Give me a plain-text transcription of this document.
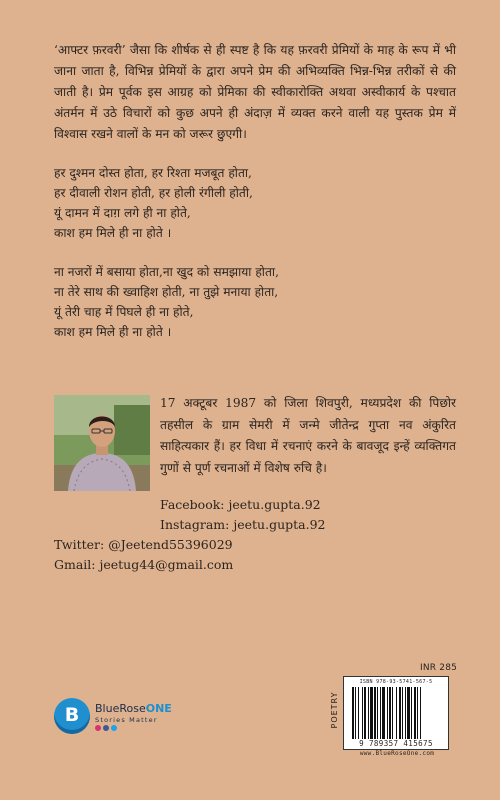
‘आफ्टर फ़रवरी’ जैसा कि शीर्षक से ही स्पष्ट है कि यह फ़रवरी प्रेमियों के माह के रूप में भी जाना जाता है, विभिन्न प्रेमियों के द्वारा अपने प्रेम की अभिव्यक्ति भिन्न-भिन्न तरीकों से की जाती है। प्रेम पूर्वक इस आग्रह को प्रेमिका की स्वीकारोक्ति अथवा अस्वीकार्य के पश्चात अंतर्मन में उठे विचारों को कुछ अपने ही अंदाज़ में व्यक्त करने वाली यह पुस्तक प्रेम में विश्वास रखने वालों के मन को जरूर छुएगी।

हर दुश्मन दोस्त होता, हर रिश्ता मजबूत होता,
हर दीवाली रोशन होती, हर होली रंगीली होती,
यूं दामन में दाग़ लगे ही ना होते,
काश हम मिले ही ना होते ।
ना नजरों में बसाया होता,ना खुद को समझाया होता,
ना तेरे साथ की ख्वाहिश होती, ना तुझे मनाया होता,
यूं तेरी चाह में पिघले ही ना होते,
काश हम मिले ही ना होते ।

17 अक्टूबर 1987 को जिला शिवपुरी, मध्यप्रदेश की पिछोर तहसील के ग्राम सेमरी में जन्मे जीतेन्द्र गुप्ता नव अंकुरित साहित्यकार हैं। हर विधा में रचनाएं करने के बावजूद इन्हें व्यक्तिगत गुणों से पूर्ण रचनाओं में विशेष रुचि है।

Facebook: jeetu.gupta.92
Instagram: jeetu.gupta.92
Twitter: @Jeetend55396029
Gmail: jeetug44@gmail.com
B	BlueRoseONE
Stories Matter
INR 285
POETRY
ISBN 978-93-5741-567-5
9 789357 415675
www.BlueRoseOne.com
